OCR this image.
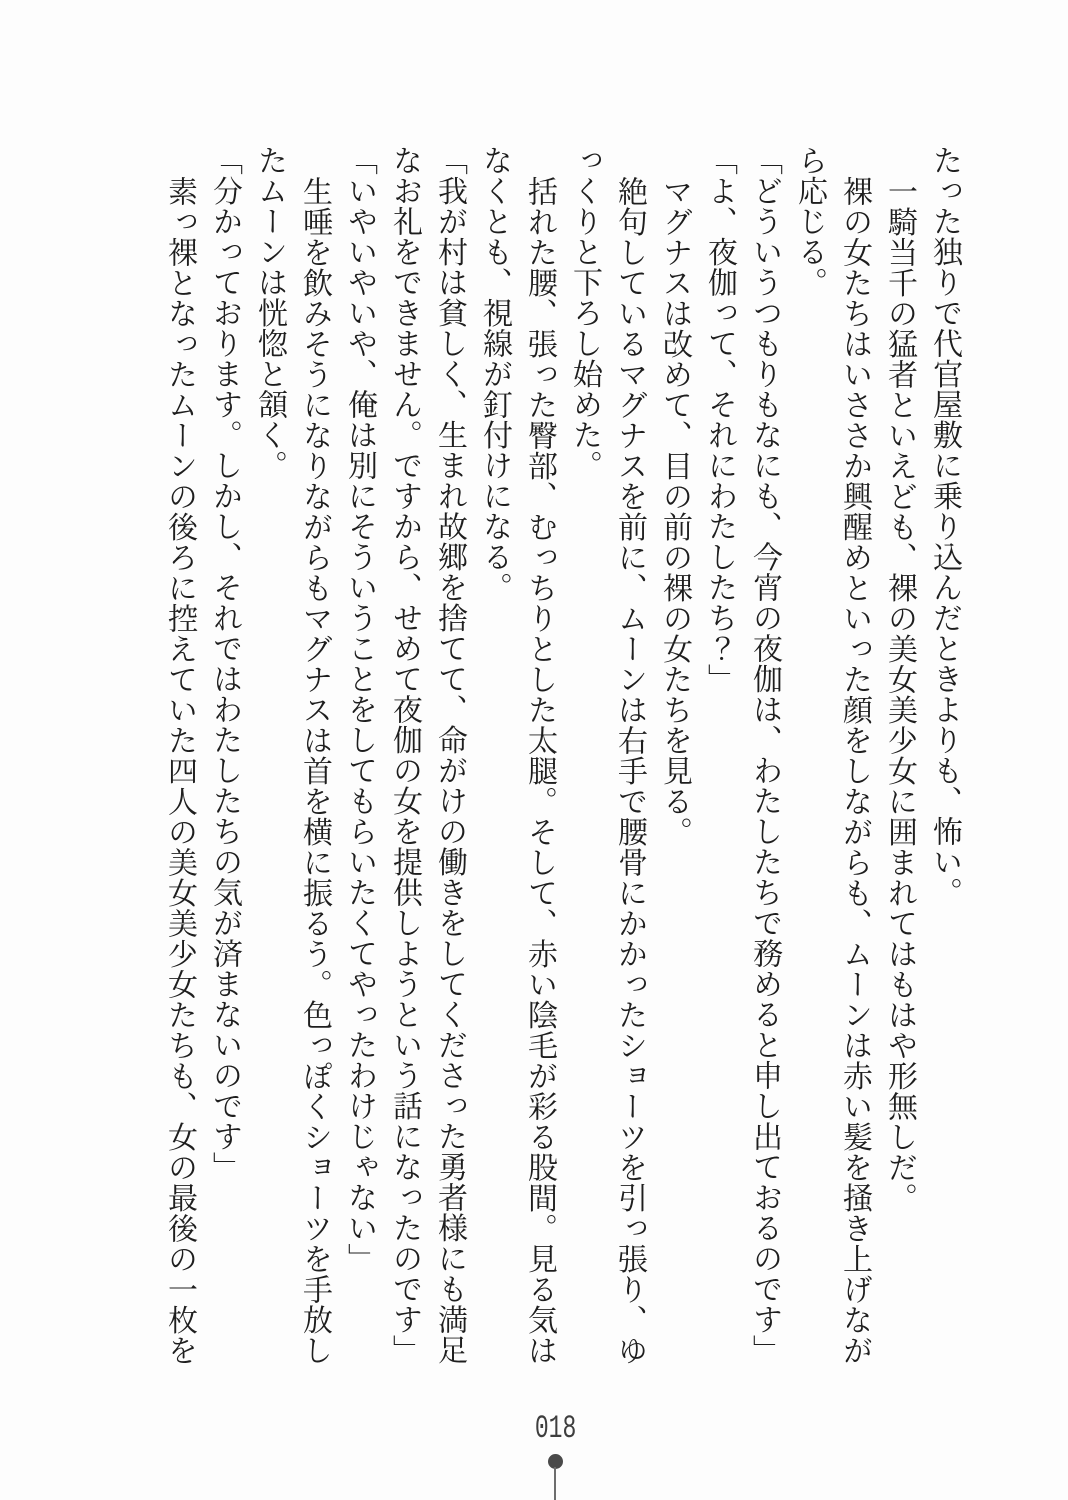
たった独りで代官屋敷に乗り込んだときよりも、怖い。

一騎当千の猛者といえども、裸の美女美少女に囲まれてはもはや形無しだ。

裸の女たちはいささか興醒めといった顔をしながらも、ムーンは赤い髪を掻き上げながら応じる。

「どういうつもりもなにも、今宵の夜伽は、わたしたちで務めると申し出ておるのです」

「よ、夜伽って、それにわたしたち？」

マグナスは改めて、目の前の裸の女たちを見る。

絶句しているマグナスを前に、ムーンは右手で腰骨にかかったショーツを引っ張り、ゆっくりと下ろし始めた。

括れた腰、張った臀部、むっちりとした太腿。そして、赤い陰毛が彩る股間。見る気はなくとも、視線が釘付けになる。

「我が村は貧しく、生まれ故郷を捨てて、命がけの働きをしてくださった勇者様にも満足なお礼をできません。ですから、せめて夜伽の女を提供しようという話になったのです」

「いやいやいや、俺は別にそういうことをしてもらいたくてやったわけじゃない」

生唾を飲みそうになりながらもマグナスは首を横に振るう。色っぽくショーツを手放したムーンは恍惚と頷く。

「分かっております。しかし、それではわたしたちの気が済まないのです」

素っ裸となったムーンの後ろに控えていた四人の美女美少女たちも、女の最後の一枚を

018
